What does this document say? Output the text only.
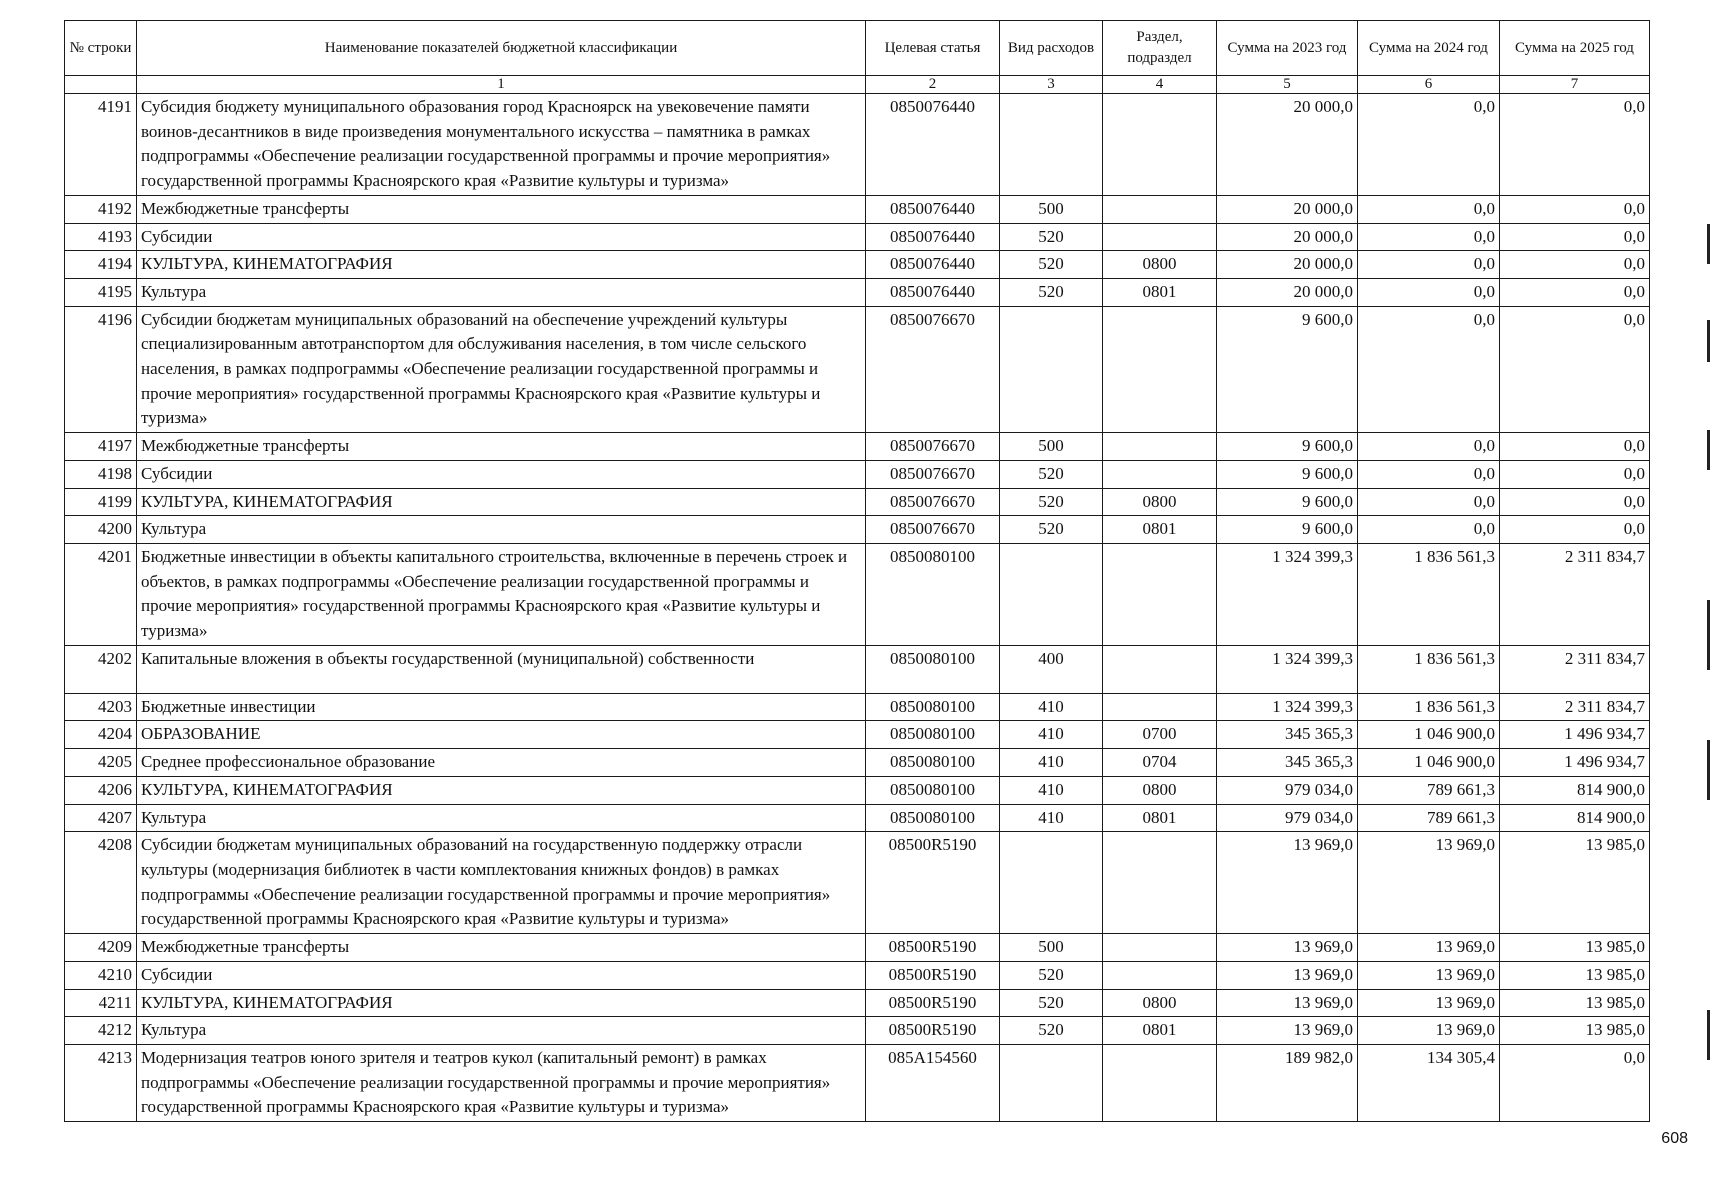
№ строки	Наименование показателей бюджетной классификации	Целевая статья	Вид расходов	Раздел, подраздел	Сумма на 2023 год	Сумма на 2024 год	Сумма на 2025 год
	1	2	3	4	5	6	7
4191	Субсидия бюджету муниципального образования город Красноярск на увековечение памяти воинов-десантников в виде произведения монументального искусства – памятника в рамках подпрограммы «Обеспечение реализации государственной программы и прочие мероприятия» государственной программы Красноярского края «Развитие культуры и туризма»	0850076440			20 000,0	0,0	0,0
4192	Межбюджетные трансферты	0850076440	500		20 000,0	0,0	0,0
4193	Субсидии	0850076440	520		20 000,0	0,0	0,0
4194	КУЛЬТУРА, КИНЕМАТОГРАФИЯ	0850076440	520	0800	20 000,0	0,0	0,0
4195	Культура	0850076440	520	0801	20 000,0	0,0	0,0
4196	Субсидии бюджетам муниципальных образований на обеспечение учреждений культуры специализированным автотранспортом для обслуживания населения, в том числе сельского населения, в рамках подпрограммы «Обеспечение реализации государственной программы и прочие мероприятия» государственной программы Красноярского края «Развитие культуры и туризма»	0850076670			9 600,0	0,0	0,0
4197	Межбюджетные трансферты	0850076670	500		9 600,0	0,0	0,0
4198	Субсидии	0850076670	520		9 600,0	0,0	0,0
4199	КУЛЬТУРА, КИНЕМАТОГРАФИЯ	0850076670	520	0800	9 600,0	0,0	0,0
4200	Культура	0850076670	520	0801	9 600,0	0,0	0,0
4201	Бюджетные инвестиции в объекты капитального строительства, включенные в перечень строек и объектов, в рамках подпрограммы «Обеспечение реализации государственной программы и прочие мероприятия» государственной программы Красноярского края «Развитие культуры и туризма»	0850080100			1 324 399,3	1 836 561,3	2 311 834,7
4202	Капитальные вложения в объекты государственной (муниципальной) собственности	0850080100	400		1 324 399,3	1 836 561,3	2 311 834,7
4203	Бюджетные инвестиции	0850080100	410		1 324 399,3	1 836 561,3	2 311 834,7
4204	ОБРАЗОВАНИЕ	0850080100	410	0700	345 365,3	1 046 900,0	1 496 934,7
4205	Среднее профессиональное образование	0850080100	410	0704	345 365,3	1 046 900,0	1 496 934,7
4206	КУЛЬТУРА, КИНЕМАТОГРАФИЯ	0850080100	410	0800	979 034,0	789 661,3	814 900,0
4207	Культура	0850080100	410	0801	979 034,0	789 661,3	814 900,0
4208	Субсидии бюджетам муниципальных образований на государственную поддержку отрасли культуры (модернизация библиотек в части комплектования книжных фондов) в рамках подпрограммы «Обеспечение реализации государственной программы и прочие мероприятия» государственной программы Красноярского края «Развитие культуры и туризма»	08500R5190			13 969,0	13 969,0	13 985,0
4209	Межбюджетные трансферты	08500R5190	500		13 969,0	13 969,0	13 985,0
4210	Субсидии	08500R5190	520		13 969,0	13 969,0	13 985,0
4211	КУЛЬТУРА, КИНЕМАТОГРАФИЯ	08500R5190	520	0800	13 969,0	13 969,0	13 985,0
4212	Культура	08500R5190	520	0801	13 969,0	13 969,0	13 985,0
4213	Модернизация театров юного зрителя и театров кукол (капитальный ремонт) в рамках подпрограммы «Обеспечение реализации государственной программы и прочие мероприятия» государственной программы Красноярского края «Развитие культуры и туризма»	085A154560			189 982,0	134 305,4	0,0
608
